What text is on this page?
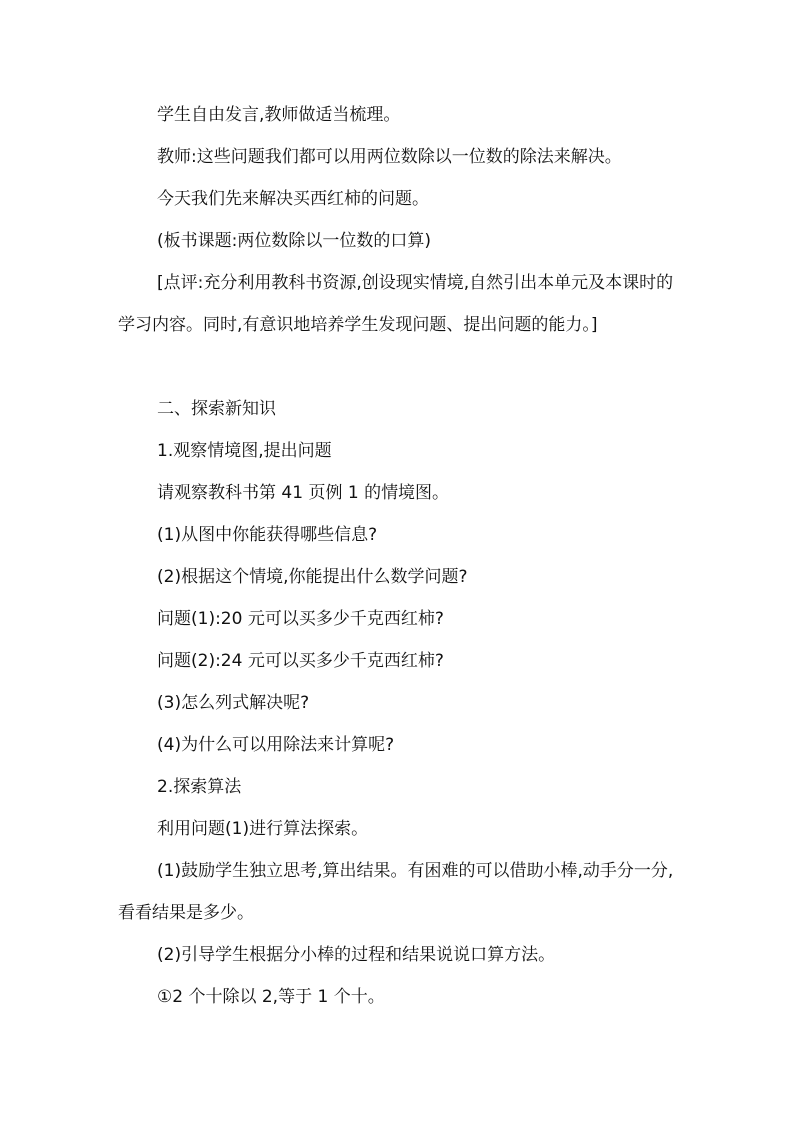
学生自由发言,教师做适当梳理。

教师:这些问题我们都可以用两位数除以一位数的除法来解决。

今天我们先来解决买西红柿的问题。

(板书课题:两位数除以一位数的口算)

[点评:充分利用教科书资源,创设现实情境,自然引出本单元及本课时的学习内容。同时,有意识地培养学生发现问题、提出问题的能力。]

二、探索新知识

1.观察情境图,提出问题

请观察教科书第 41 页例 1 的情境图。

(1)从图中你能获得哪些信息?

(2)根据这个情境,你能提出什么数学问题?

问题(1):20 元可以买多少千克西红柿?

问题(2):24 元可以买多少千克西红柿?

(3)怎么列式解决呢?

(4)为什么可以用除法来计算呢?

2.探索算法

利用问题(1)进行算法探索。

(1)鼓励学生独立思考,算出结果。有困难的可以借助小棒,动手分一分,看看结果是多少。

(2)引导学生根据分小棒的过程和结果说说口算方法。

①2 个十除以 2,等于 1 个十。
